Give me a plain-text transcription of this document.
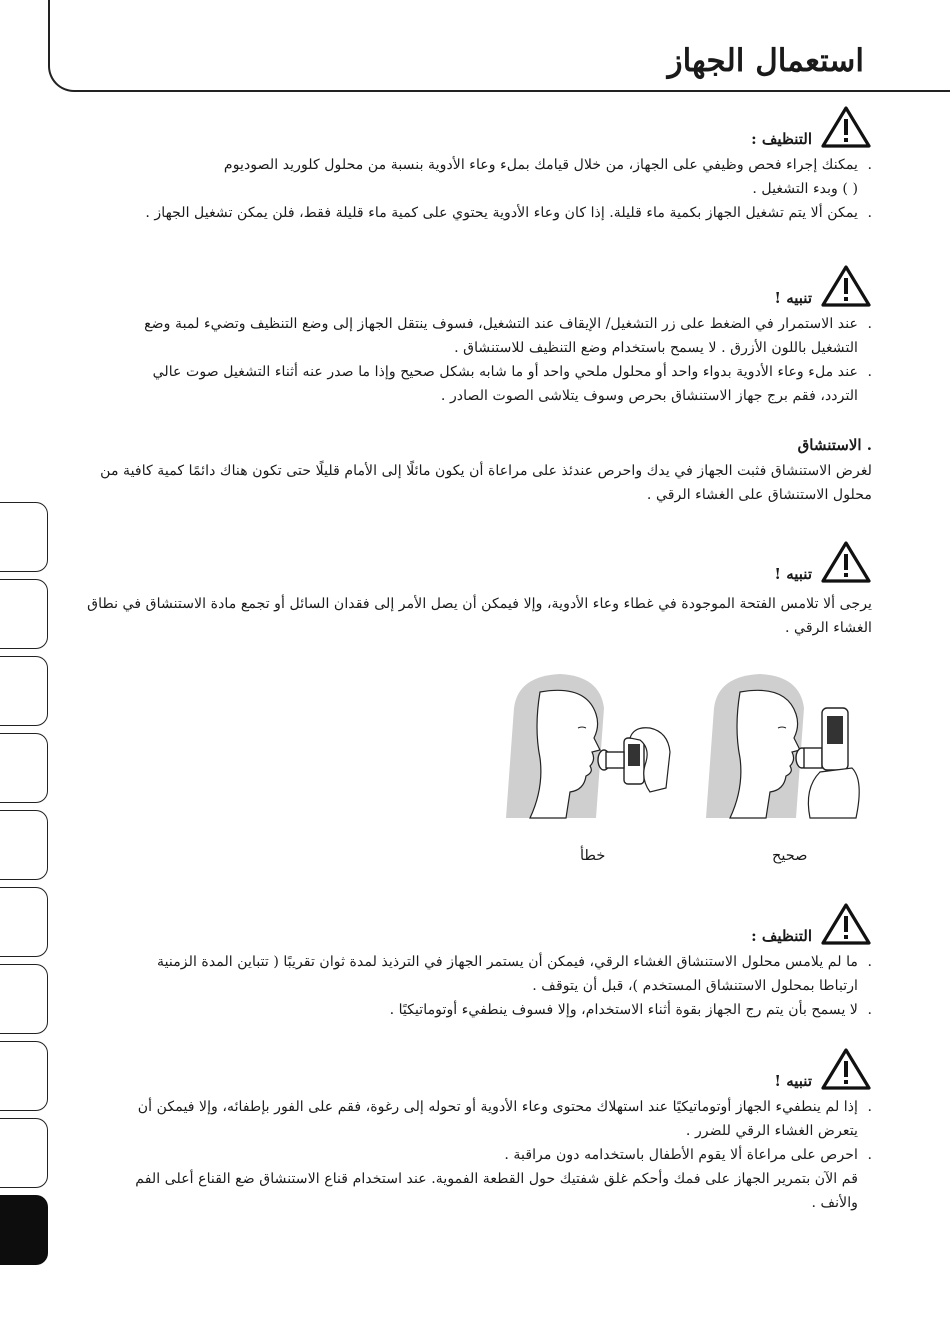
استعمال الجهاز
التنظيف :
. يمكنك إجراء فحص وظيفي على الجهاز، من خلال قيامك بملء وعاء الأدوية بنسبة من محلول كلوريد الصوديوم
( ) وبدء التشغيل .
. يمكن ألا يتم تشغيل الجهاز بكمية ماء قليلة. إذا كان وعاء الأدوية يحتوي على كمية ماء قليلة فقط، فلن يمكن تشغيل الجهاز .
تنبيه !
. عند الاستمرار في الضغط على زر التشغيل/ الإيقاف عند التشغيل، فسوف ينتقل الجهاز إلى وضع التنظيف وتضيء لمبة وضع
التشغيل باللون الأزرق . لا يسمح باستخدام وضع التنظيف للاستنشاق .
. عند ملء وعاء الأدوية بدواء واحد أو محلول ملحي واحد أو ما شابه بشكل صحيح وإذا ما صدر عنه أثناء التشغيل صوت عالي
التردد، فقم برج جهاز الاستنشاق بحرص وسوف يتلاشى الصوت الصادر .
. الاستنشاق

لغرض الاستنشاق فثبت الجهاز في يدك واحرص عندئذ على مراعاة أن يكون مائلًا إلى الأمام قليلًا حتى تكون هناك دائمًا كمية كافية من

محلول الاستنشاق على الغشاء الرقي .

تنبيه !

يرجى ألا تلامس الفتحة الموجودة في غطاء وعاء الأدوية، وإلا فيمكن أن يصل الأمر إلى فقدان السائل أو تجمع مادة الاستنشاق في نطاق

الغشاء الرقي .

صحيح
خطأ
التنظيف :
. ما لم يلامس محلول الاستنشاق الغشاء الرقي، فيمكن أن يستمر الجهاز في الترذيذ لمدة ثوان تقريبًا ( تتباين المدة الزمنية
ارتباطا بمحلول الاستنشاق المستخدم )، قبل أن يتوقف .
. لا يسمح بأن يتم رج الجهاز بقوة أثناء الاستخدام، وإلا فسوف ينطفيء أوتوماتيكيًا .
تنبيه !
. إذا لم ينطفيء الجهاز أوتوماتيكيًا عند استهلاك محتوى وعاء الأدوية أو تحوله إلى رغوة، فقم على الفور بإطفائه، وإلا فيمكن أن
يتعرض الغشاء الرقي للضرر .
. احرص على مراعاة ألا يقوم الأطفال باستخدامه دون مراقبة .
قم الآن بتمرير الجهاز على فمك وأحكم غلق شفتيك حول القطعة الفموية. عند استخدام قناع الاستنشاق ضع القناع أعلى الفم
والأنف .
